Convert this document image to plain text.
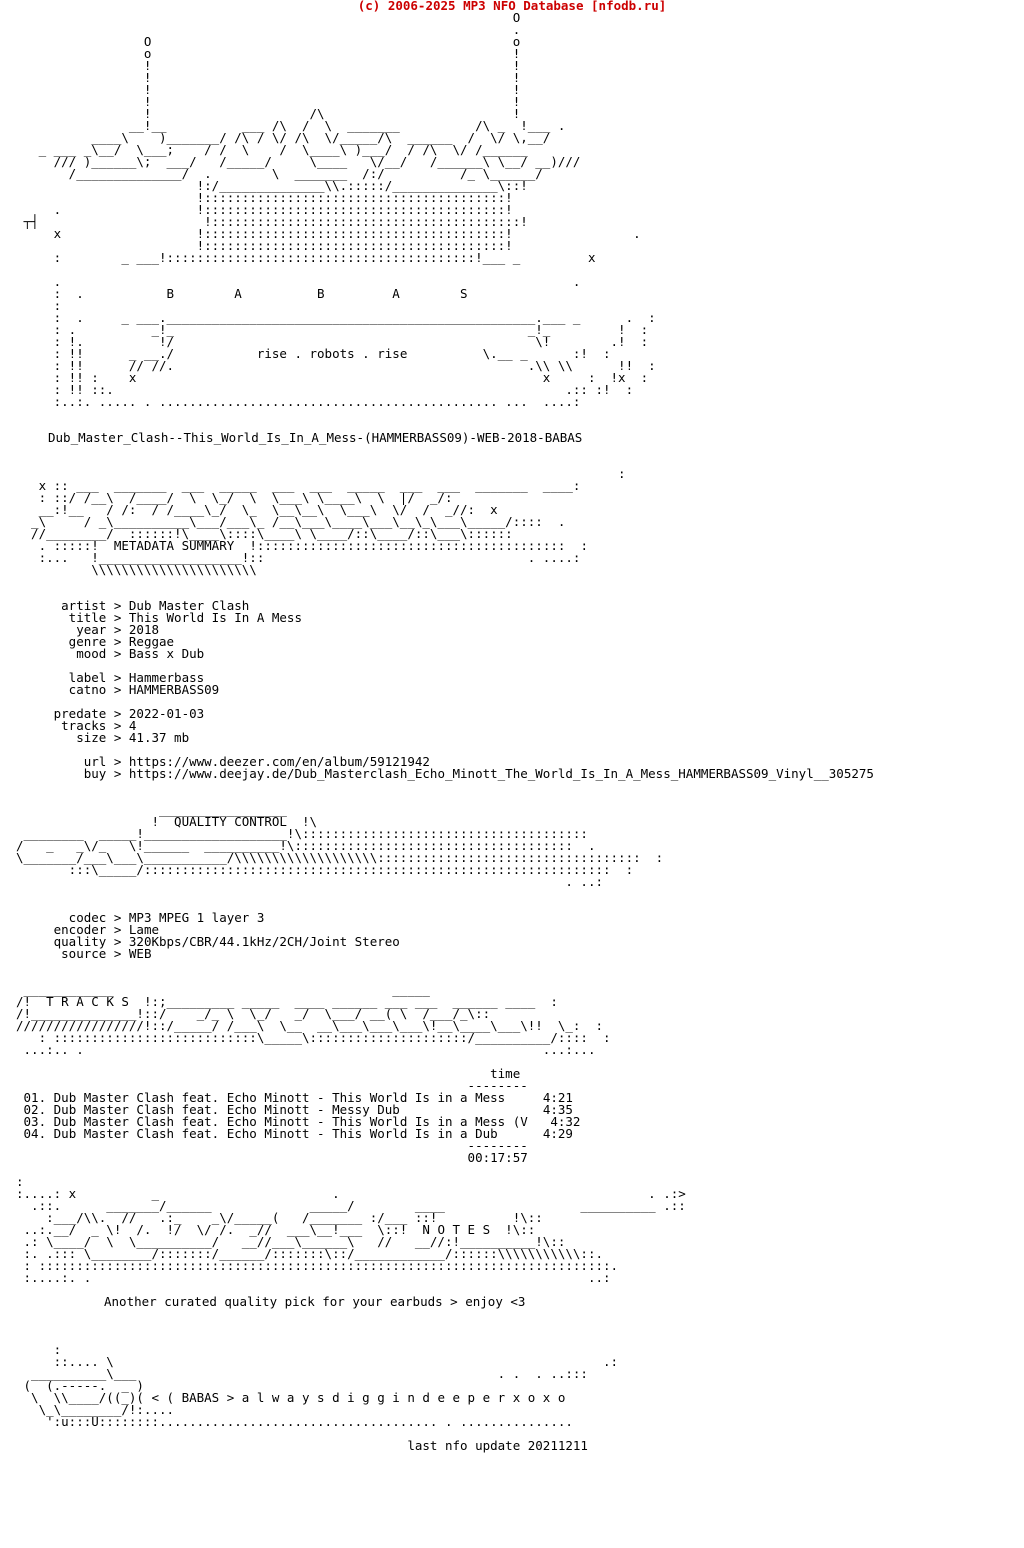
(c) 2006-2025 MP3 NFO Database [nfodb.ru]
O
.
O                                                o
o                                                !
!                                                !
!                                                !
!                                                !
!                                                !
!                     /\                         !
__!__          ___ /\  /  \  _______          /\ _  !___ .
____\    )_______/ /\ / \/ /\  \/_____/\  ______  /  \/ \,__/
_ ___ _\__/  \___;    / /  \    /  \____\ )___/  / /\  \/ /______
/// )______\;  ___/   /_____/     \____   \/__/   /______\ \__/ __)///
/______________/  .        \  _______  /:/          /_ \______/
!:/______________\\.:::::/______________\::!
!::::::::::::::::::::::::::::::::::::::::!
.                  !::::::::::::::::::::::::::::::::::::::::!
┬┤                      !:::::::::::::::::::::::::::::::::::::::::!
x                  !::::::::::::::::::::::::::::::::::::::::!                .
!::::::::::::::::::::::::::::::::::::::::!
:        _ ___!:::::::::::::::::::::::::::::::::::::::::!___ _         x

.                                                                    .
:  .	B        A          B         A        S
:
:  .     _ ___._________________________________________________.___ _      .  :
: .          _!_                                               _!_         !  :
: !.          !/                                                \!        .!  :
: !!      _ __./	rise . robots . rise	\.__ _      :!  :
: !!      // //.                                               .\\ \\      !!  :
: !! :    x                                                      x     :  !x  :
: !! ::.                                                            .:: :!  :
:..:. ..... . ............................................. ...  ....:

Dub_Master_Clash--This_World_Is_In_A_Mess-(HAMMERBASS09)-WEB-2018-BABAS

:
x :: ___  _______  ___  _____  ___  ___  _____  ___  ___  _______  ____:
: ::/ /__\  /____/  \  \_/  \  \___\ \____\  \  |/  _/:
__:!__   / /:  / /____\_/  \_  \__\__\  \___\  \/  /  _//:  x
_\     / _\__________\___/___\_ /__\___\____\___\__\_\___\_____/::::  .
//________/  ::::::!\____\::::\____\ \____/::\____/::\___\::::::
. :::::!  METADATA SUMMARY  !:::::::::::::::::::::::::::::::::::::::::  :
:...   !___________________!::                                   . ....:
\\\\\\\\\\\\\\\\\\\\\\

artist > Dub Master Clash
title > This World Is In A Mess
year > 2018
genre > Reggae
mood > Bass x Dub

label > Hammerbass
catno > HAMMERBASS09

predate > 2022-01-03
tracks > 4
size > 41.37 mb

url > https://www.deezer.com/en/album/59121942
buy > https://www.deejay.de/Dub_Masterclash_Echo_Minott_The_World_Is_In_A_Mess_HAMMERBASS09_Vinyl__305275

_________________
!  QUALITY CONTROL  !\
________  _____!___________________!\::::::::::::::::::::::::::::::::::::::
/   _   _\/_   \!______  __________!\:::::::::::::::::::::::::::::::::::::  .
\_______/___\___\___________/\\\\\\\\\\\\\\\\\\\:::::::::::::::::::::::::::::::::::  :
:::\_____/::::::::::::::::::::::::::::::::::::::::::::::::::::::::::::::  :
. ..:

codec > MP3 MPEG 1 layer 3
encoder > Lame
quality > 320Kbps/CBR/44.1kHz/2CH/Joint Stereo
source > WEB

____________                                     _____
/!  T R A C K S  !:;_________ _____  ____ ______ ___ ___  ______ ____  :
/!______________!::/    _/_ \  \_/   _/  \___/ __( \  /___/_\::
/////////////////!::/_____/ /___\  \__  __\___\___\___\!__\____\___\!!  \_:  :
: :::::::::::::::::::::::::::\_____\:::::::::::::::::::::/__________/::::  :
...:.. .                                                             ...:...

time
--------
01. Dub Master Clash feat. Echo Minott - This World Is in a Mess	4:21
02. Dub Master Clash feat. Echo Minott - Messy Dub	4:35
03. Dub Master Clash feat. Echo Minott - This World Is in a Mess (V 4:32
04. Dub Master Clash feat. Echo Minott - This World Is in a Dub	4:29
--------
00:17:57

:
:....: x          _                       .                                         . .:>
.::.      _______/______             _____/        ____                  __________ .::
:___/\\.  //   .:_    _\/_____(   /_______ :/___ ::!          !\::
..:.__/  _ \!  /.  !/  \/ /.  _//  ___\__!___  \::!  N O T E S  !\::
.: \____/  \  \__________/   __//___\______\   //   __//:!__________!\::
:. .::: \________/:::::::/______/:::::::\::/____________/::::::\\\\\\\\\\\::.
: ::::::::::::::::::::::::::::::::::::::::::::::::::::::::::::::::::::::::::::.
:....:. .                                                                  ..:

Another curated quality pick for your earbuds > enjoy <3

:
::.... \                                                                 .:
__________\___                                                . .  . ..:::
(  (.-----.  _ )
\  \\____/((_)( < ( BABAS > a l w a y s d i g g i n d e e p e r x o x o
\_\________/!:....
':u:::U::::::::..................................... . ...............

last nfo update 20211211
